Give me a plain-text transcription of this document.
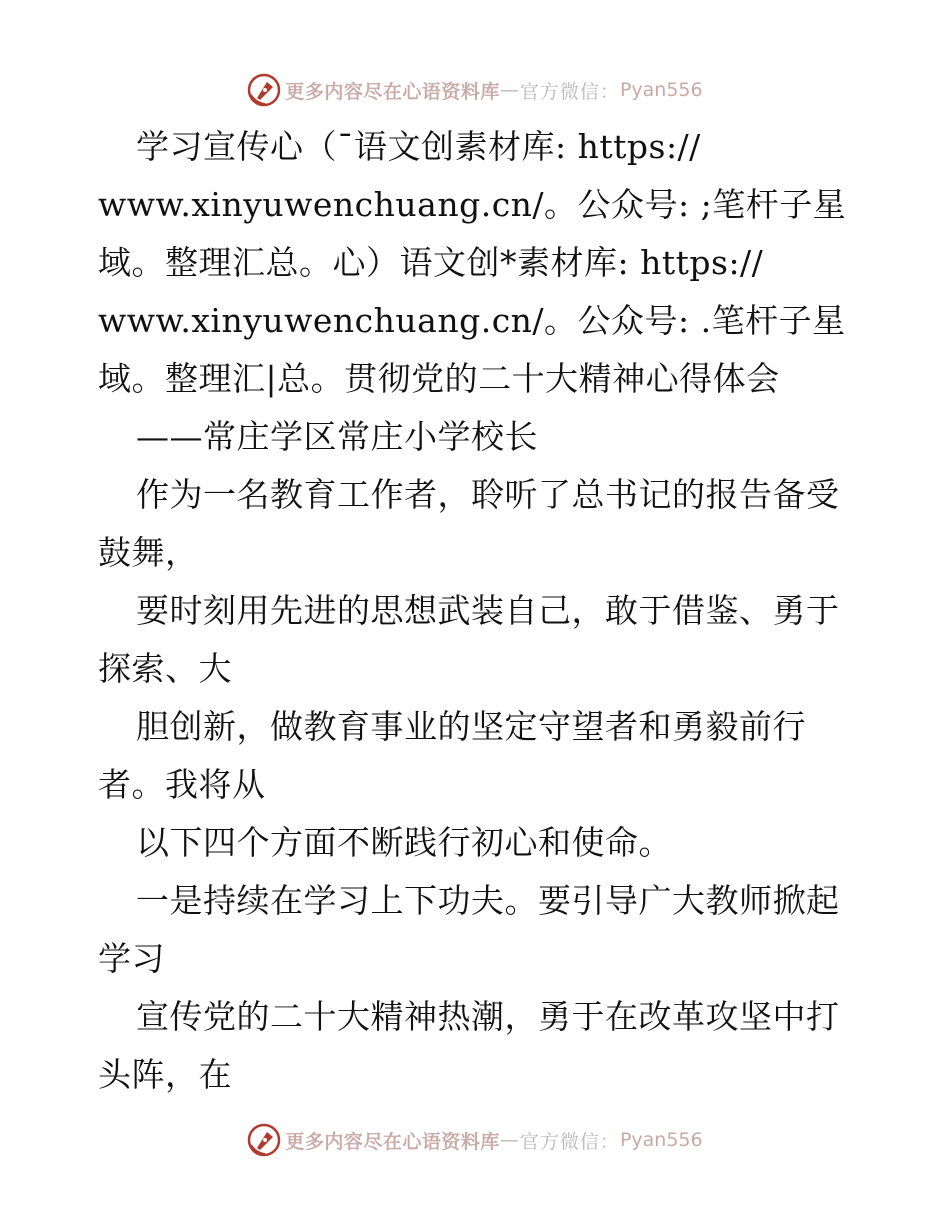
更多内容尽在心语资料库 — 官方微信： Pyan556
学习宣传心（¯语文创素材库: https://
www.xinyuwenchuang.cn/。公众号: ;笔杆子星
域。整理汇总。心）语文创*素材库: https://
www.xinyuwenchuang.cn/。公众号: .笔杆子星
域。整理汇|总。贯彻党的二十大精神心得体会
——常庄学区常庄小学校长
作为一名教育工作者，聆听了总书记的报告备受
鼓舞，
要时刻用先进的思想武装自己，敢于借鉴、勇于
探索、大
胆创新，做教育事业的坚定守望者和勇毅前行
者。我将从
以下四个方面不断践行初心和使命。
一是持续在学习上下功夫。要引导广大教师掀起
学习
宣传党的二十大精神热潮，勇于在改革攻坚中打
头阵，在
更多内容尽在心语资料库 — 官方微信： Pyan556
